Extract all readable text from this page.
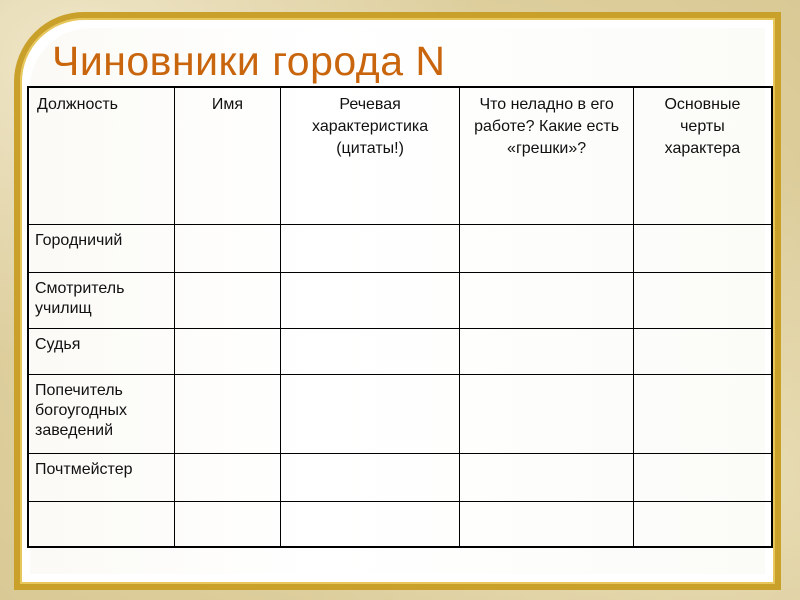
Чиновники города N
Должность	Имя	Речевая характеристика (цитаты!)	Что неладно в его работе? Какие есть «грешки»?	Основные черты характера
Городничий				
Смотритель училищ				
Судья				
Попечитель богоугодных заведений				
Почтмейстер				
